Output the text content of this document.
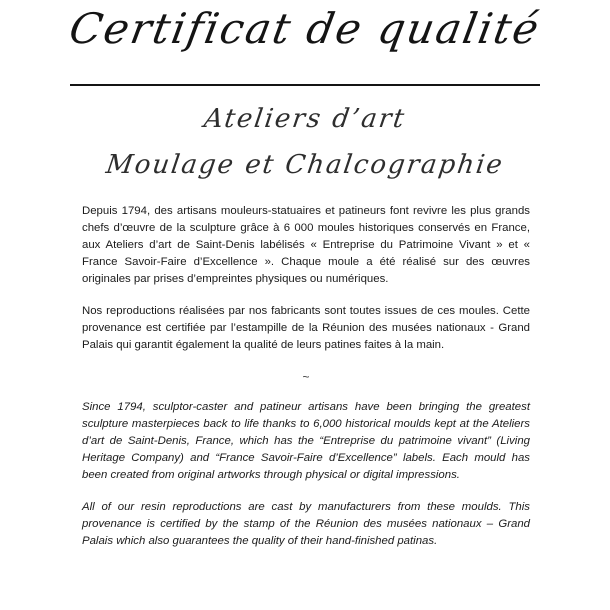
Certificat de qualité
Ateliers d’art
Moulage et Chalcographie

Depuis 1794, des artisans mouleurs-statuaires et patineurs font revivre les plus grands chefs d’œuvre de la sculpture grâce à 6 000 moules historiques conservés en France, aux Ateliers d’art de Saint-Denis labélisés « Entreprise du Patrimoine Vivant » et « France Savoir-Faire d’Excellence ». Chaque moule a été réalisé sur des œuvres originales par prises d’empreintes physiques ou numériques.

Nos reproductions réalisées par nos fabricants sont toutes issues de ces moules. Cette provenance est certifiée par l’estampille de la Réunion des musées nationaux - Grand Palais qui garantit également la qualité de leurs patines faites à la main.

~

Since 1794, sculptor-caster and patineur artisans have been bringing the greatest sculpture masterpieces back to life thanks to 6,000 historical moulds kept at the Ateliers d’art de Saint-Denis, France, which has the “Entreprise du patrimoine vivant” (Living Heritage Company) and “France Savoir-Faire d’Excellence” labels. Each mould has been created from original artworks through physical or digital impressions.

All of our resin reproductions are cast by manufacturers from these moulds. This provenance is certified by the stamp of the Réunion des musées nationaux – Grand Palais which also guarantees the quality of their hand-finished patinas.
